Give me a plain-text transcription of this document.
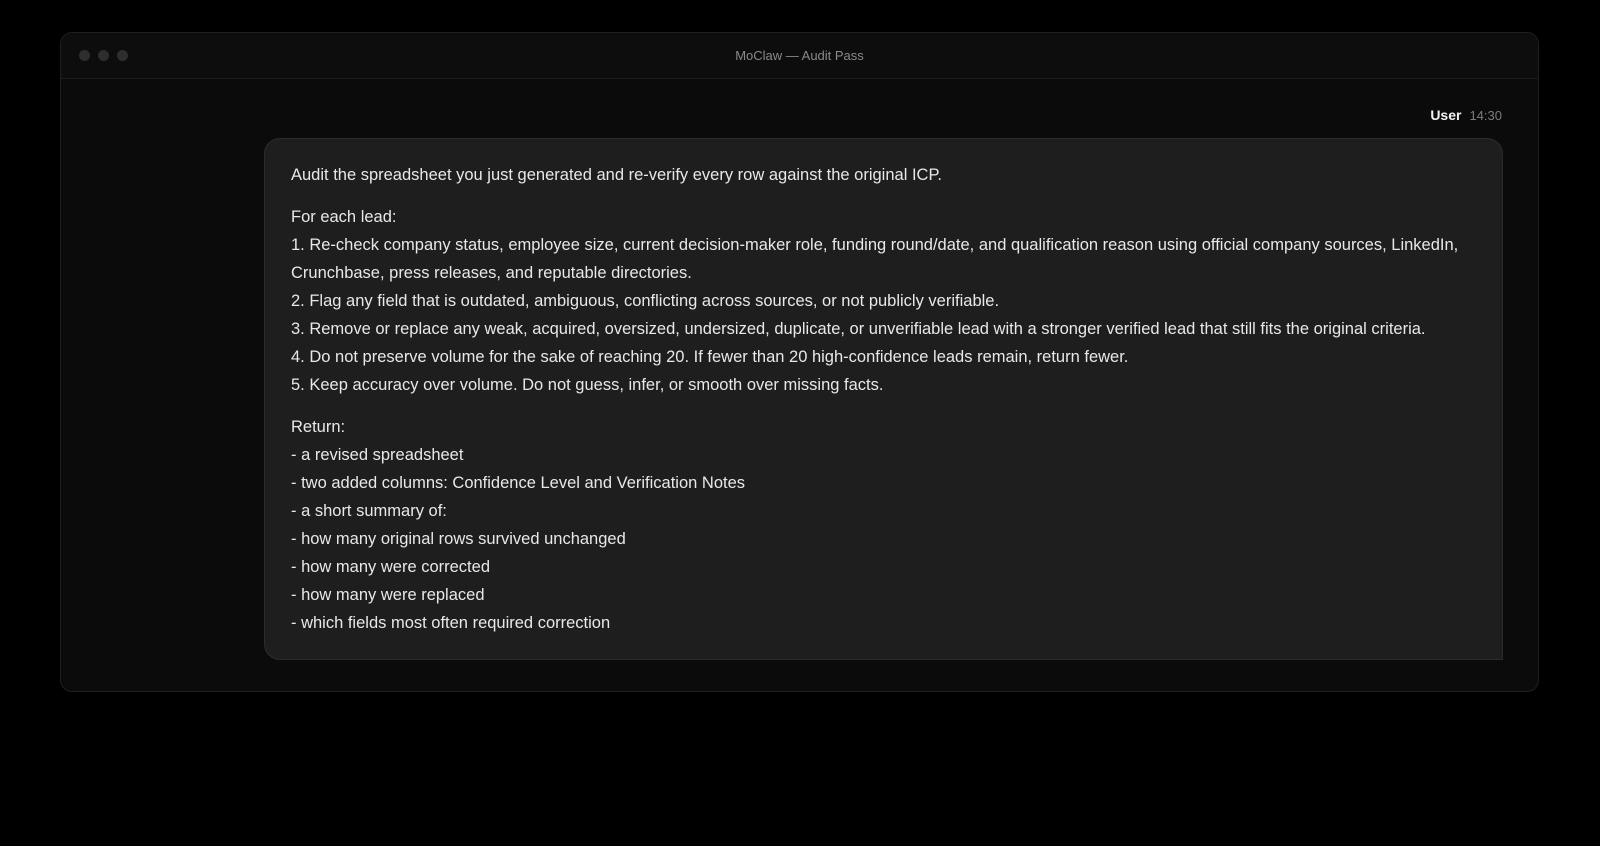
MoClaw — Audit Pass
User 14:30
Audit the spreadsheet you just generated and re-verify every row against the original ICP.
For each lead:
1. Re-check company status, employee size, current decision-maker role, funding round/date, and qualification reason using official company sources, LinkedIn, Crunchbase, press releases, and reputable directories.
2. Flag any field that is outdated, ambiguous, conflicting across sources, or not publicly verifiable.
3. Remove or replace any weak, acquired, oversized, undersized, duplicate, or unverifiable lead with a stronger verified lead that still fits the original criteria.
4. Do not preserve volume for the sake of reaching 20. If fewer than 20 high-confidence leads remain, return fewer.
5. Keep accuracy over volume. Do not guess, infer, or smooth over missing facts.
Return:
- a revised spreadsheet
- two added columns: Confidence Level and Verification Notes
- a short summary of:
- how many original rows survived unchanged
- how many were corrected
- how many were replaced
- which fields most often required correction
